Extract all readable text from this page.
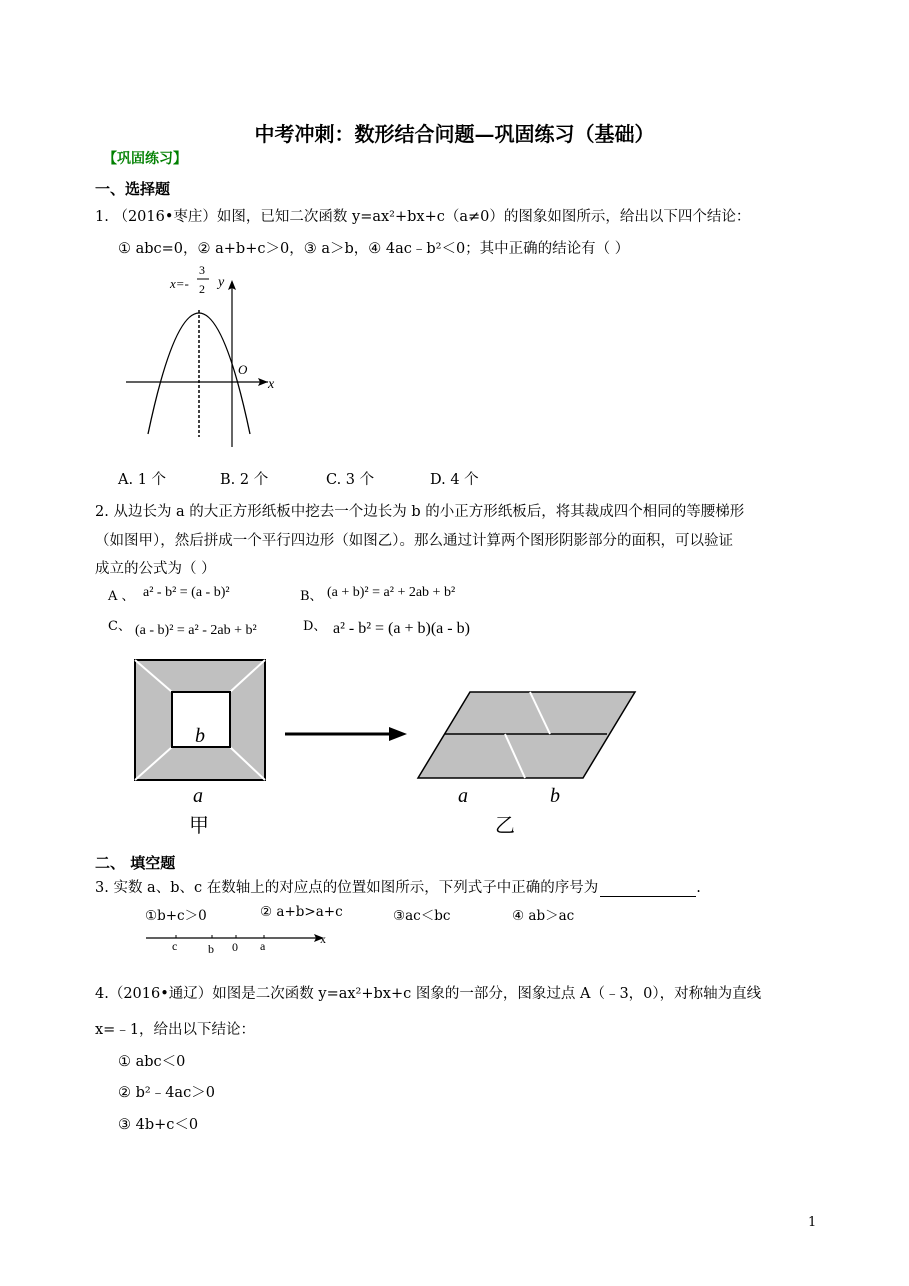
中考冲刺：数形结合问题—巩固练习（基础）
【巩固练习】
一、选择题
1. （2016•枣庄）如图，已知二次函数 y=ax²+bx+c（a≠0）的图象如图所示，给出以下四个结论：
① abc=0，② a+b+c＞0，③ a＞b，④ 4ac﹣b²＜0；其中正确的结论有（ ）
x=-
3
2 y
x
O
A. 1 个	B. 2 个	C. 3 个	D. 4 个
2. 从边长为 a 的大正方形纸板中挖去一个边长为 b 的小正方形纸板后，将其裁成四个相同的等腰梯形
（如图甲），然后拼成一个平行四边形（如图乙）。那么通过计算两个图形阴影部分的面积，可以验证
成立的公式为（ ）
A 、 a² - b² = (a - b)²	B、 (a + b)² = a² + 2ab + b²
C、 (a - b)² = a² - 2ab + b²	D、 a² - b² = (a + b)(a - b)
b
a
甲
a	b
乙
二、 填空题
3. 实数 a、b、c 在数轴上的对应点的位置如图所示，下列式子中正确的序号为	.
①b+c＞0	② a+b>a+c	③ac＜bc	④ ab＞ac
c	b 0 a	x
4.（2016•通辽）如图是二次函数 y=ax²+bx+c 图象的一部分，图象过点 A（﹣3，0），对称轴为直线
x=﹣1，给出以下结论：
① abc＜0
② b²﹣4ac＞0
③ 4b+c＜0
1
